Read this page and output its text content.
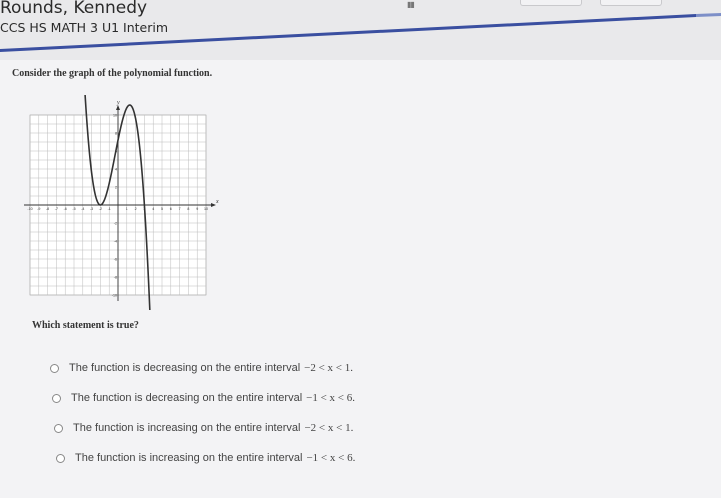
Rounds, Kennedy
CCS HS MATH 3 U1 Interim
▮▮
Consider the graph of the polynomial function.
-10 -9 -8 -7 -6 -5 -4 -3 -2 -1	1 2 3 4 5 6 7 8 9 10
10
8
6
4
2
-2
-4
-6
-8
-10
x
y
Which statement is true?
The function is decreasing on the entire interval −2 < x < 1.
The function is decreasing on the entire interval −1 < x < 6.
The function is increasing on the entire interval −2 < x < 1.
The function is increasing on the entire interval −1 < x < 6.
